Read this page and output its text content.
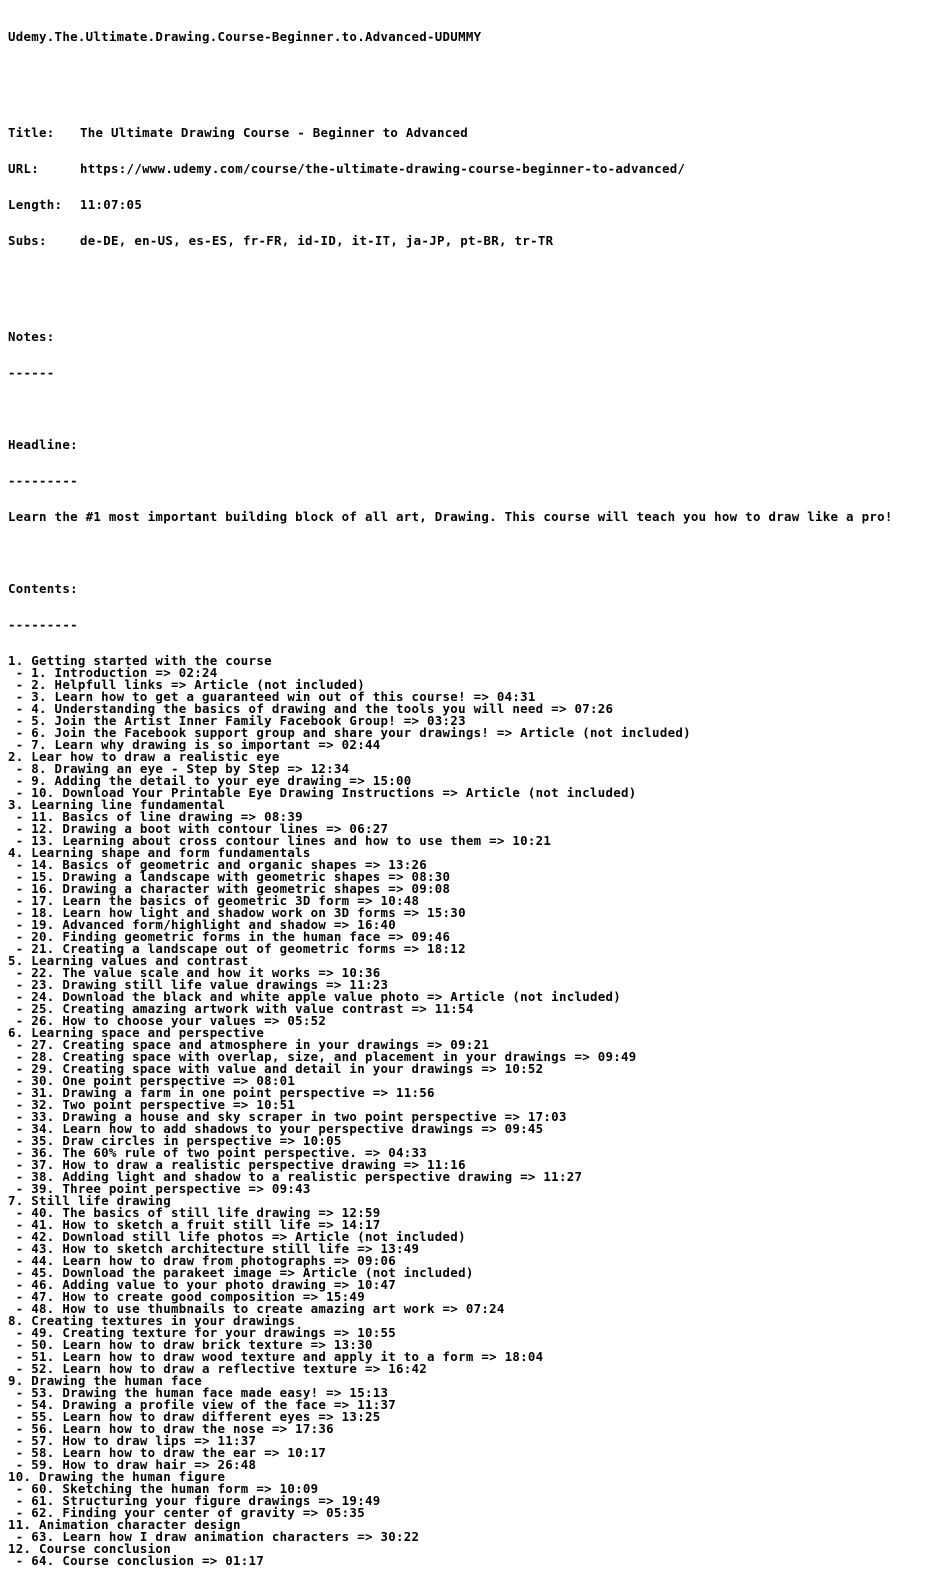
Udemy.The.Ultimate.Drawing.Course-Beginner.to.Advanced-UDUMMY

Title:	The Ultimate Drawing Course - Beginner to Advanced

URL:	https://www.udemy.com/course/the-ultimate-drawing-course-beginner-to-advanced/

Length:	11:07:05

Subs:	de-DE, en-US, es-ES, fr-FR, id-ID, it-IT, ja-JP, pt-BR, tr-TR

Notes:

------

Headline:

---------

Learn the #1 most important building block of all art, Drawing. This course will teach you how to draw like a pro!

Contents:

---------

1. Getting started with the course
- 1. Introduction => 02:24
- 2. Helpfull links => Article (not included)
- 3. Learn how to get a guaranteed win out of this course! => 04:31
- 4. Understanding the basics of drawing and the tools you will need => 07:26
- 5. Join the Artist Inner Family Facebook Group! => 03:23
- 6. Join the Facebook support group and share your drawings! => Article (not included)
- 7. Learn why drawing is so important => 02:44
2. Lear how to draw a realistic eye
- 8. Drawing an eye - Step by Step => 12:34
- 9. Adding the detail to your eye drawing => 15:00
- 10. Download Your Printable Eye Drawing Instructions => Article (not included)
3. Learning line fundamental
- 11. Basics of line drawing => 08:39
- 12. Drawing a boot with contour lines => 06:27
- 13. Learning about cross contour lines and how to use them => 10:21
4. Learning shape and form fundamentals
- 14. Basics of geometric and organic shapes => 13:26
- 15. Drawing a landscape with geometric shapes => 08:30
- 16. Drawing a character with geometric shapes => 09:08
- 17. Learn the basics of geometric 3D form => 10:48
- 18. Learn how light and shadow work on 3D forms => 15:30
- 19. Advanced form/highlight and shadow => 16:40
- 20. Finding geometric forms in the human face => 09:46
- 21. Creating a landscape out of geometric forms => 18:12
5. Learning values and contrast
- 22. The value scale and how it works => 10:36
- 23. Drawing still life value drawings => 11:23
- 24. Download the black and white apple value photo => Article (not included)
- 25. Creating amazing artwork with value contrast => 11:54
- 26. How to choose your values => 05:52
6. Learning space and perspective
- 27. Creating space and atmosphere in your drawings => 09:21
- 28. Creating space with overlap, size, and placement in your drawings => 09:49
- 29. Creating space with value and detail in your drawings => 10:52
- 30. One point perspective => 08:01
- 31. Drawing a farm in one point perspective => 11:56
- 32. Two point perspective => 10:51
- 33. Drawing a house and sky scraper in two point perspective => 17:03
- 34. Learn how to add shadows to your perspective drawings => 09:45
- 35. Draw circles in perspective => 10:05
- 36. The 60% rule of two point perspective. => 04:33
- 37. How to draw a realistic perspective drawing => 11:16
- 38. Adding light and shadow to a realistic perspective drawing => 11:27
- 39. Three point perspective => 09:43
7. Still life drawing
- 40. The basics of still life drawing => 12:59
- 41. How to sketch a fruit still life => 14:17
- 42. Download still life photos => Article (not included)
- 43. How to sketch architecture still life => 13:49
- 44. Learn how to draw from photographs => 09:06
- 45. Download the parakeet image => Article (not included)
- 46. Adding value to your photo drawing => 10:47
- 47. How to create good composition => 15:49
- 48. How to use thumbnails to create amazing art work => 07:24
8. Creating textures in your drawings
- 49. Creating texture for your drawings => 10:55
- 50. Learn how to draw brick texture => 13:30
- 51. Learn how to draw wood texture and apply it to a form => 18:04
- 52. Learn how to draw a reflective texture => 16:42
9. Drawing the human face
- 53. Drawing the human face made easy! => 15:13
- 54. Drawing a profile view of the face => 11:37
- 55. Learn how to draw different eyes => 13:25
- 56. Learn how to draw the nose => 17:36
- 57. How to draw lips => 11:37
- 58. Learn how to draw the ear => 10:17
- 59. How to draw hair => 26:48
10. Drawing the human figure
- 60. Sketching the human form => 10:09
- 61. Structuring your figure drawings => 19:49
- 62. Finding your center of gravity => 05:35
11. Animation character design
- 63. Learn how I draw animation characters => 30:22
12. Course conclusion
- 64. Course conclusion => 01:17
